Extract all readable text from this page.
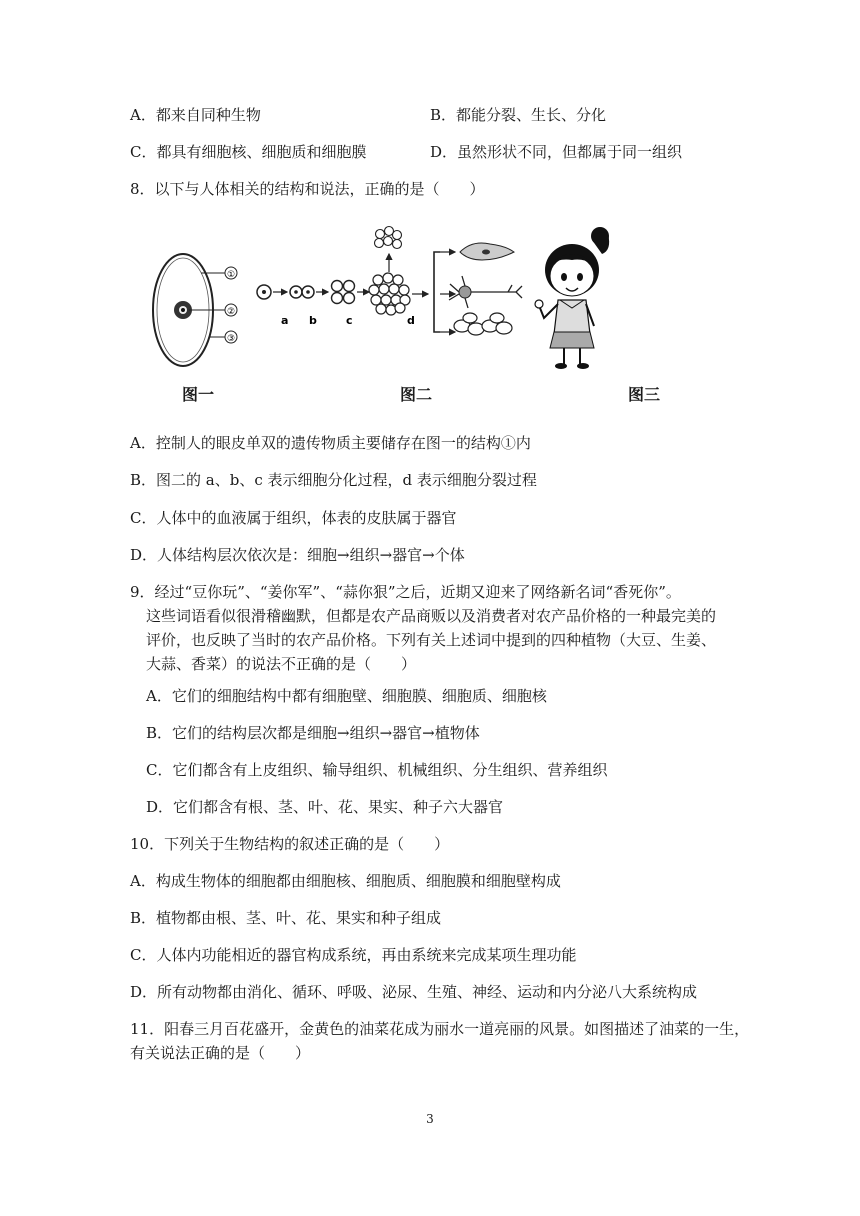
A．都来自同种生物	B．都能分裂、生长、分化
C．都具有细胞核、细胞质和细胞膜	D．虽然形状不同，但都属于同一组织
8．以下与人体相关的结构和说法，正确的是（　　）
①
②
③
a b	c	d
图一	图二	图三
A．控制人的眼皮单双的遗传物质主要储存在图一的结构①内
B．图二的 a、b、c 表示细胞分化过程，d 表示细胞分裂过程
C．人体中的血液属于组织，体表的皮肤属于器官
D．人体结构层次依次是：细胞→组织→器官→个体
9．经过“豆你玩”、“姜你军”、“蒜你狠”之后，近期又迎来了网络新名词“香死你”。
这些词语看似很滑稽幽默，但都是农产品商贩以及消费者对农产品价格的一种最完美的
评价，也反映了当时的农产品价格。下列有关上述词中提到的四种植物（大豆、生姜、
大蒜、香菜）的说法不正确的是（　　）
A．它们的细胞结构中都有细胞壁、细胞膜、细胞质、细胞核
B．它们的结构层次都是细胞→组织→器官→植物体
C．它们都含有上皮组织、输导组织、机械组织、分生组织、营养组织
D．它们都含有根、茎、叶、花、果实、种子六大器官
10．下列关于生物结构的叙述正确的是（　　）
A．构成生物体的细胞都由细胞核、细胞质、细胞膜和细胞壁构成
B．植物都由根、茎、叶、花、果实和种子组成
C．人体内功能相近的器官构成系统，再由系统来完成某项生理功能
D．所有动物都由消化、循环、呼吸、泌尿、生殖、神经、运动和内分泌八大系统构成
11．阳春三月百花盛开，金黄色的油菜花成为丽水一道亮丽的风景。如图描述了油菜的一生，
有关说法正确的是（　　）
3
